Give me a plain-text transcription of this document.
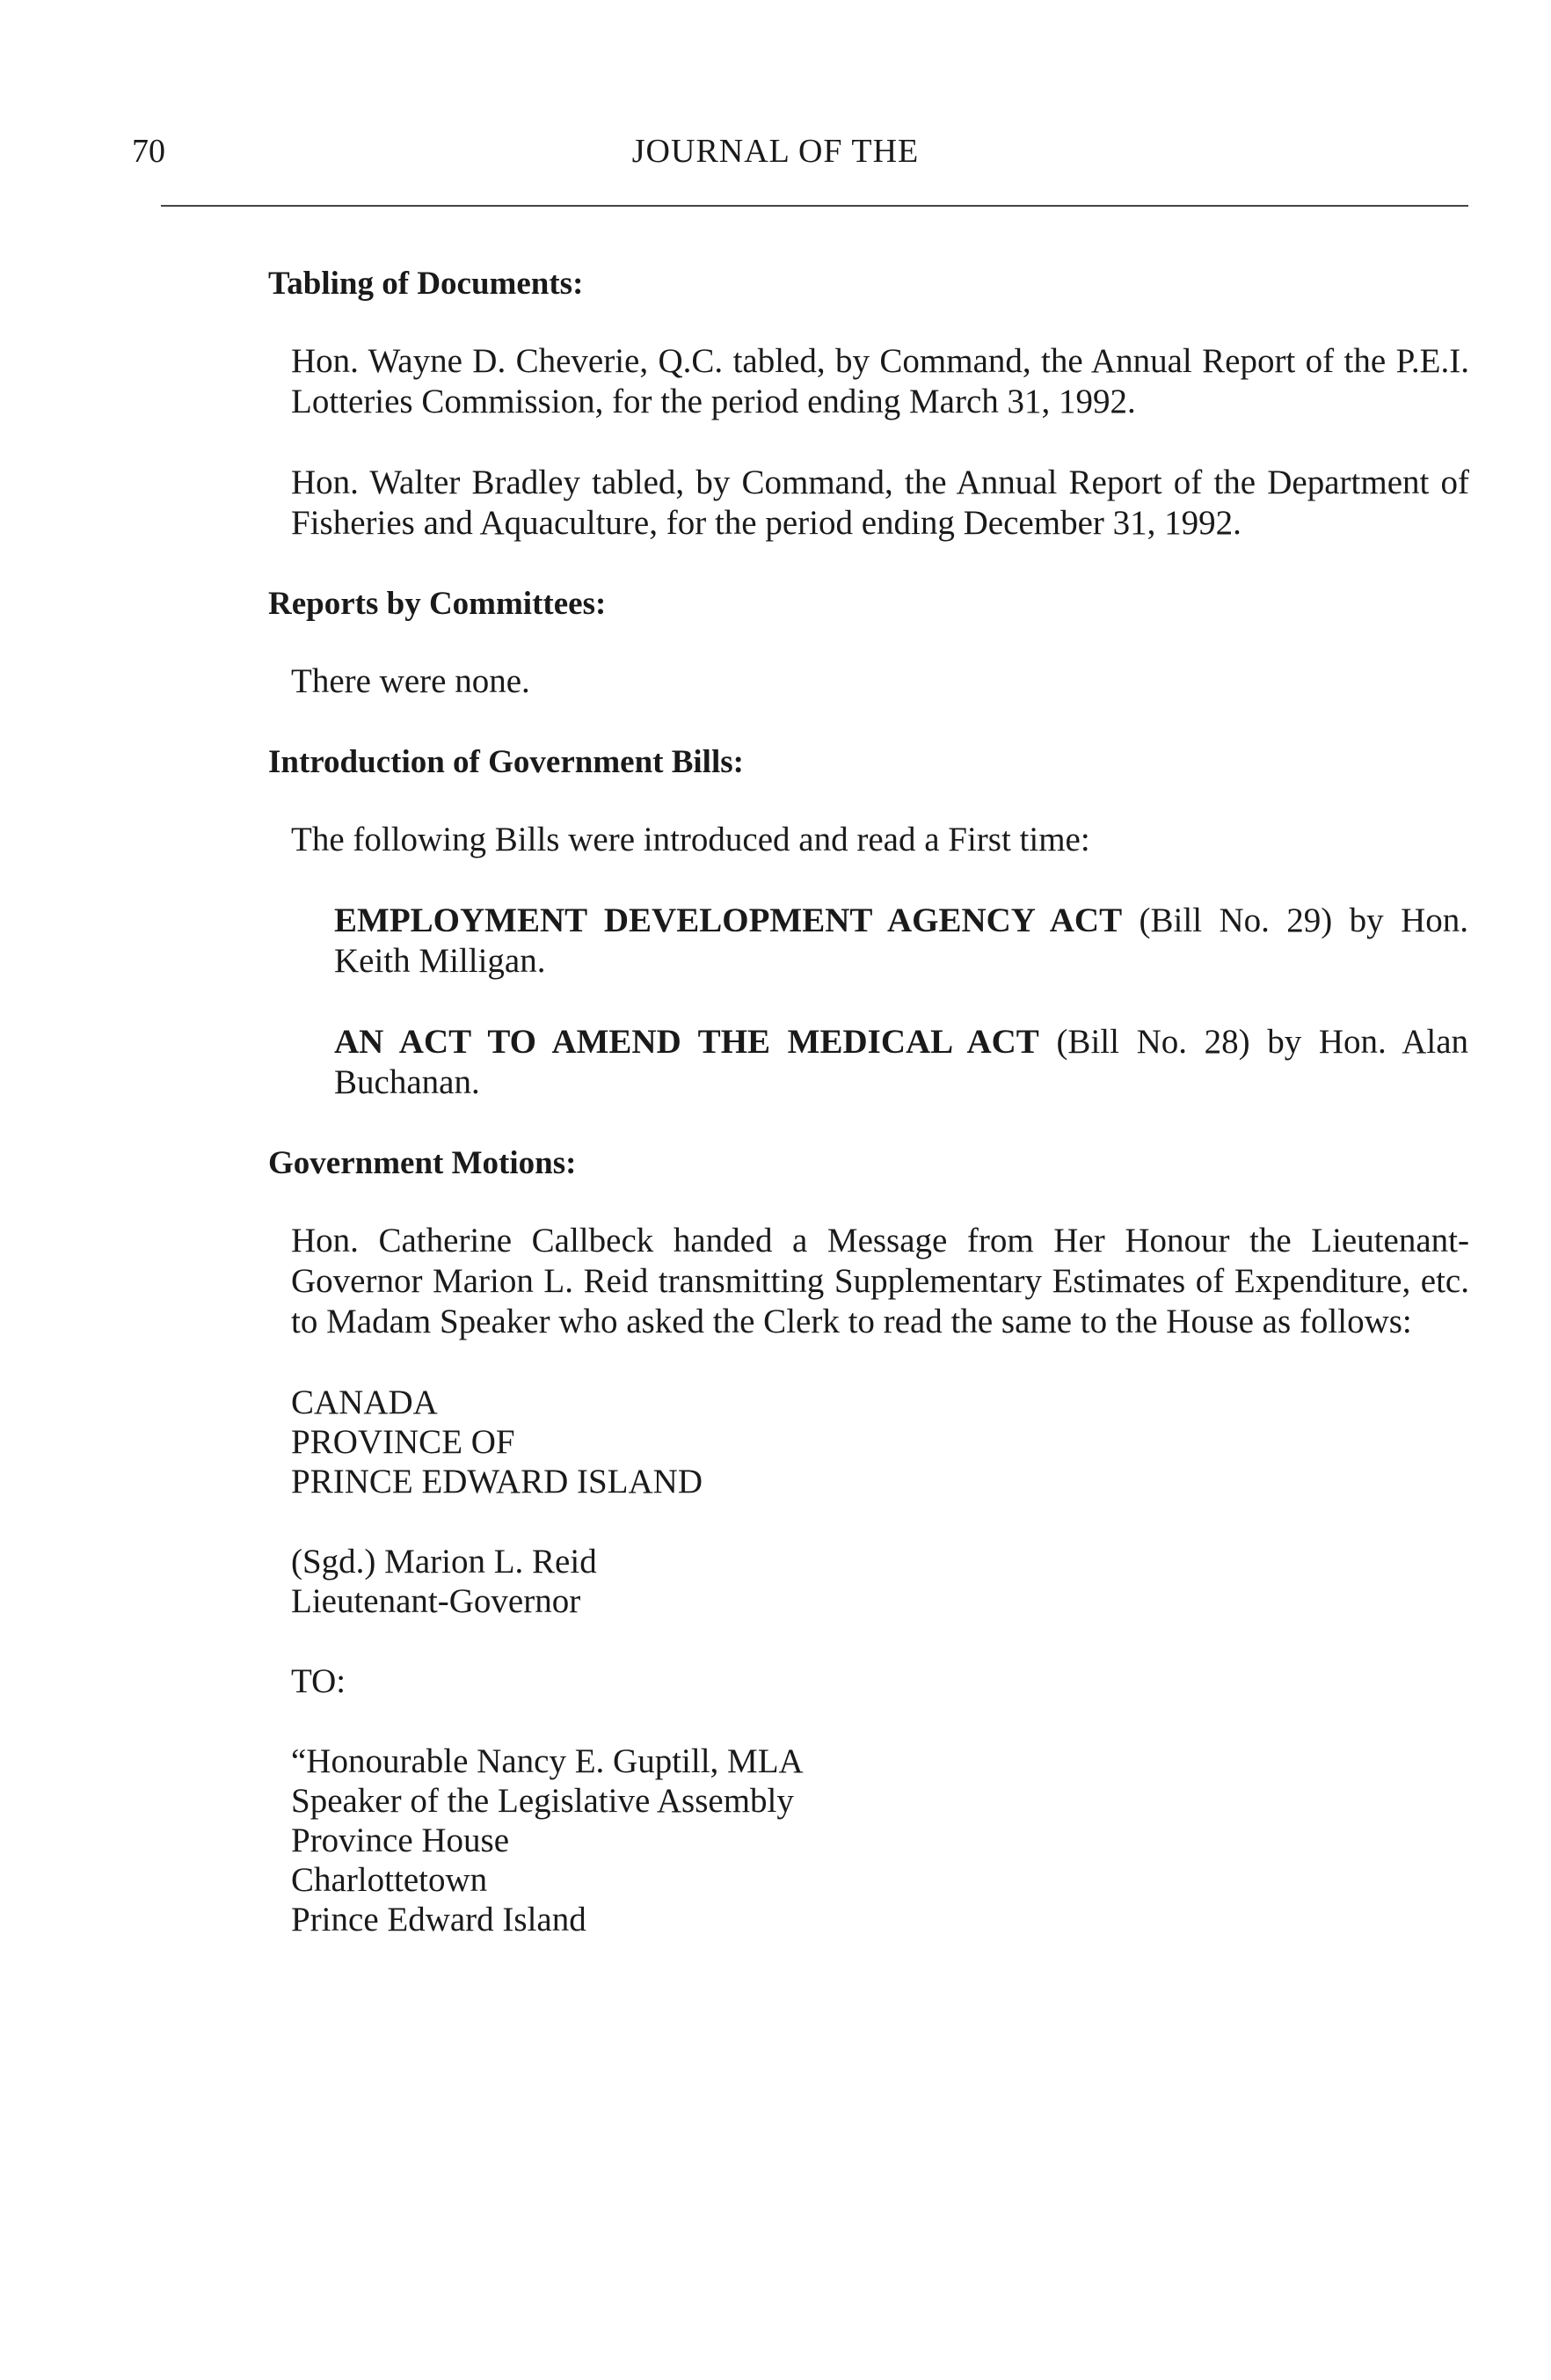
70	JOURNAL OF THE
Tabling of Documents:
Hon. Wayne D. Cheverie, Q.C. tabled, by Command, the Annual Report of the P.E.I. Lotteries Commission, for the period ending March 31, 1992.
Hon. Walter Bradley tabled, by Command, the Annual Report of the Department of Fisheries and Aquaculture, for the period ending December 31, 1992.
Reports by Committees:
There were none.
Introduction of Government Bills:
The following Bills were introduced and read a First time:
EMPLOYMENT DEVELOPMENT AGENCY ACT (Bill No. 29) by Hon. Keith Milligan.
AN ACT TO AMEND THE MEDICAL ACT (Bill No. 28) by Hon. Alan Buchanan.
Government Motions:
Hon. Catherine Callbeck handed a Message from Her Honour the Lieutenant-Governor Marion L. Reid transmitting Supplementary Estimates of Expenditure, etc. to Madam Speaker who asked the Clerk to read the same to the House as follows:
CANADA
PROVINCE OF
PRINCE EDWARD ISLAND
(Sgd.) Marion L. Reid
Lieutenant-Governor
TO:
“Honourable Nancy E. Guptill, MLA
Speaker of the Legislative Assembly
Province House
Charlottetown
Prince Edward Island
